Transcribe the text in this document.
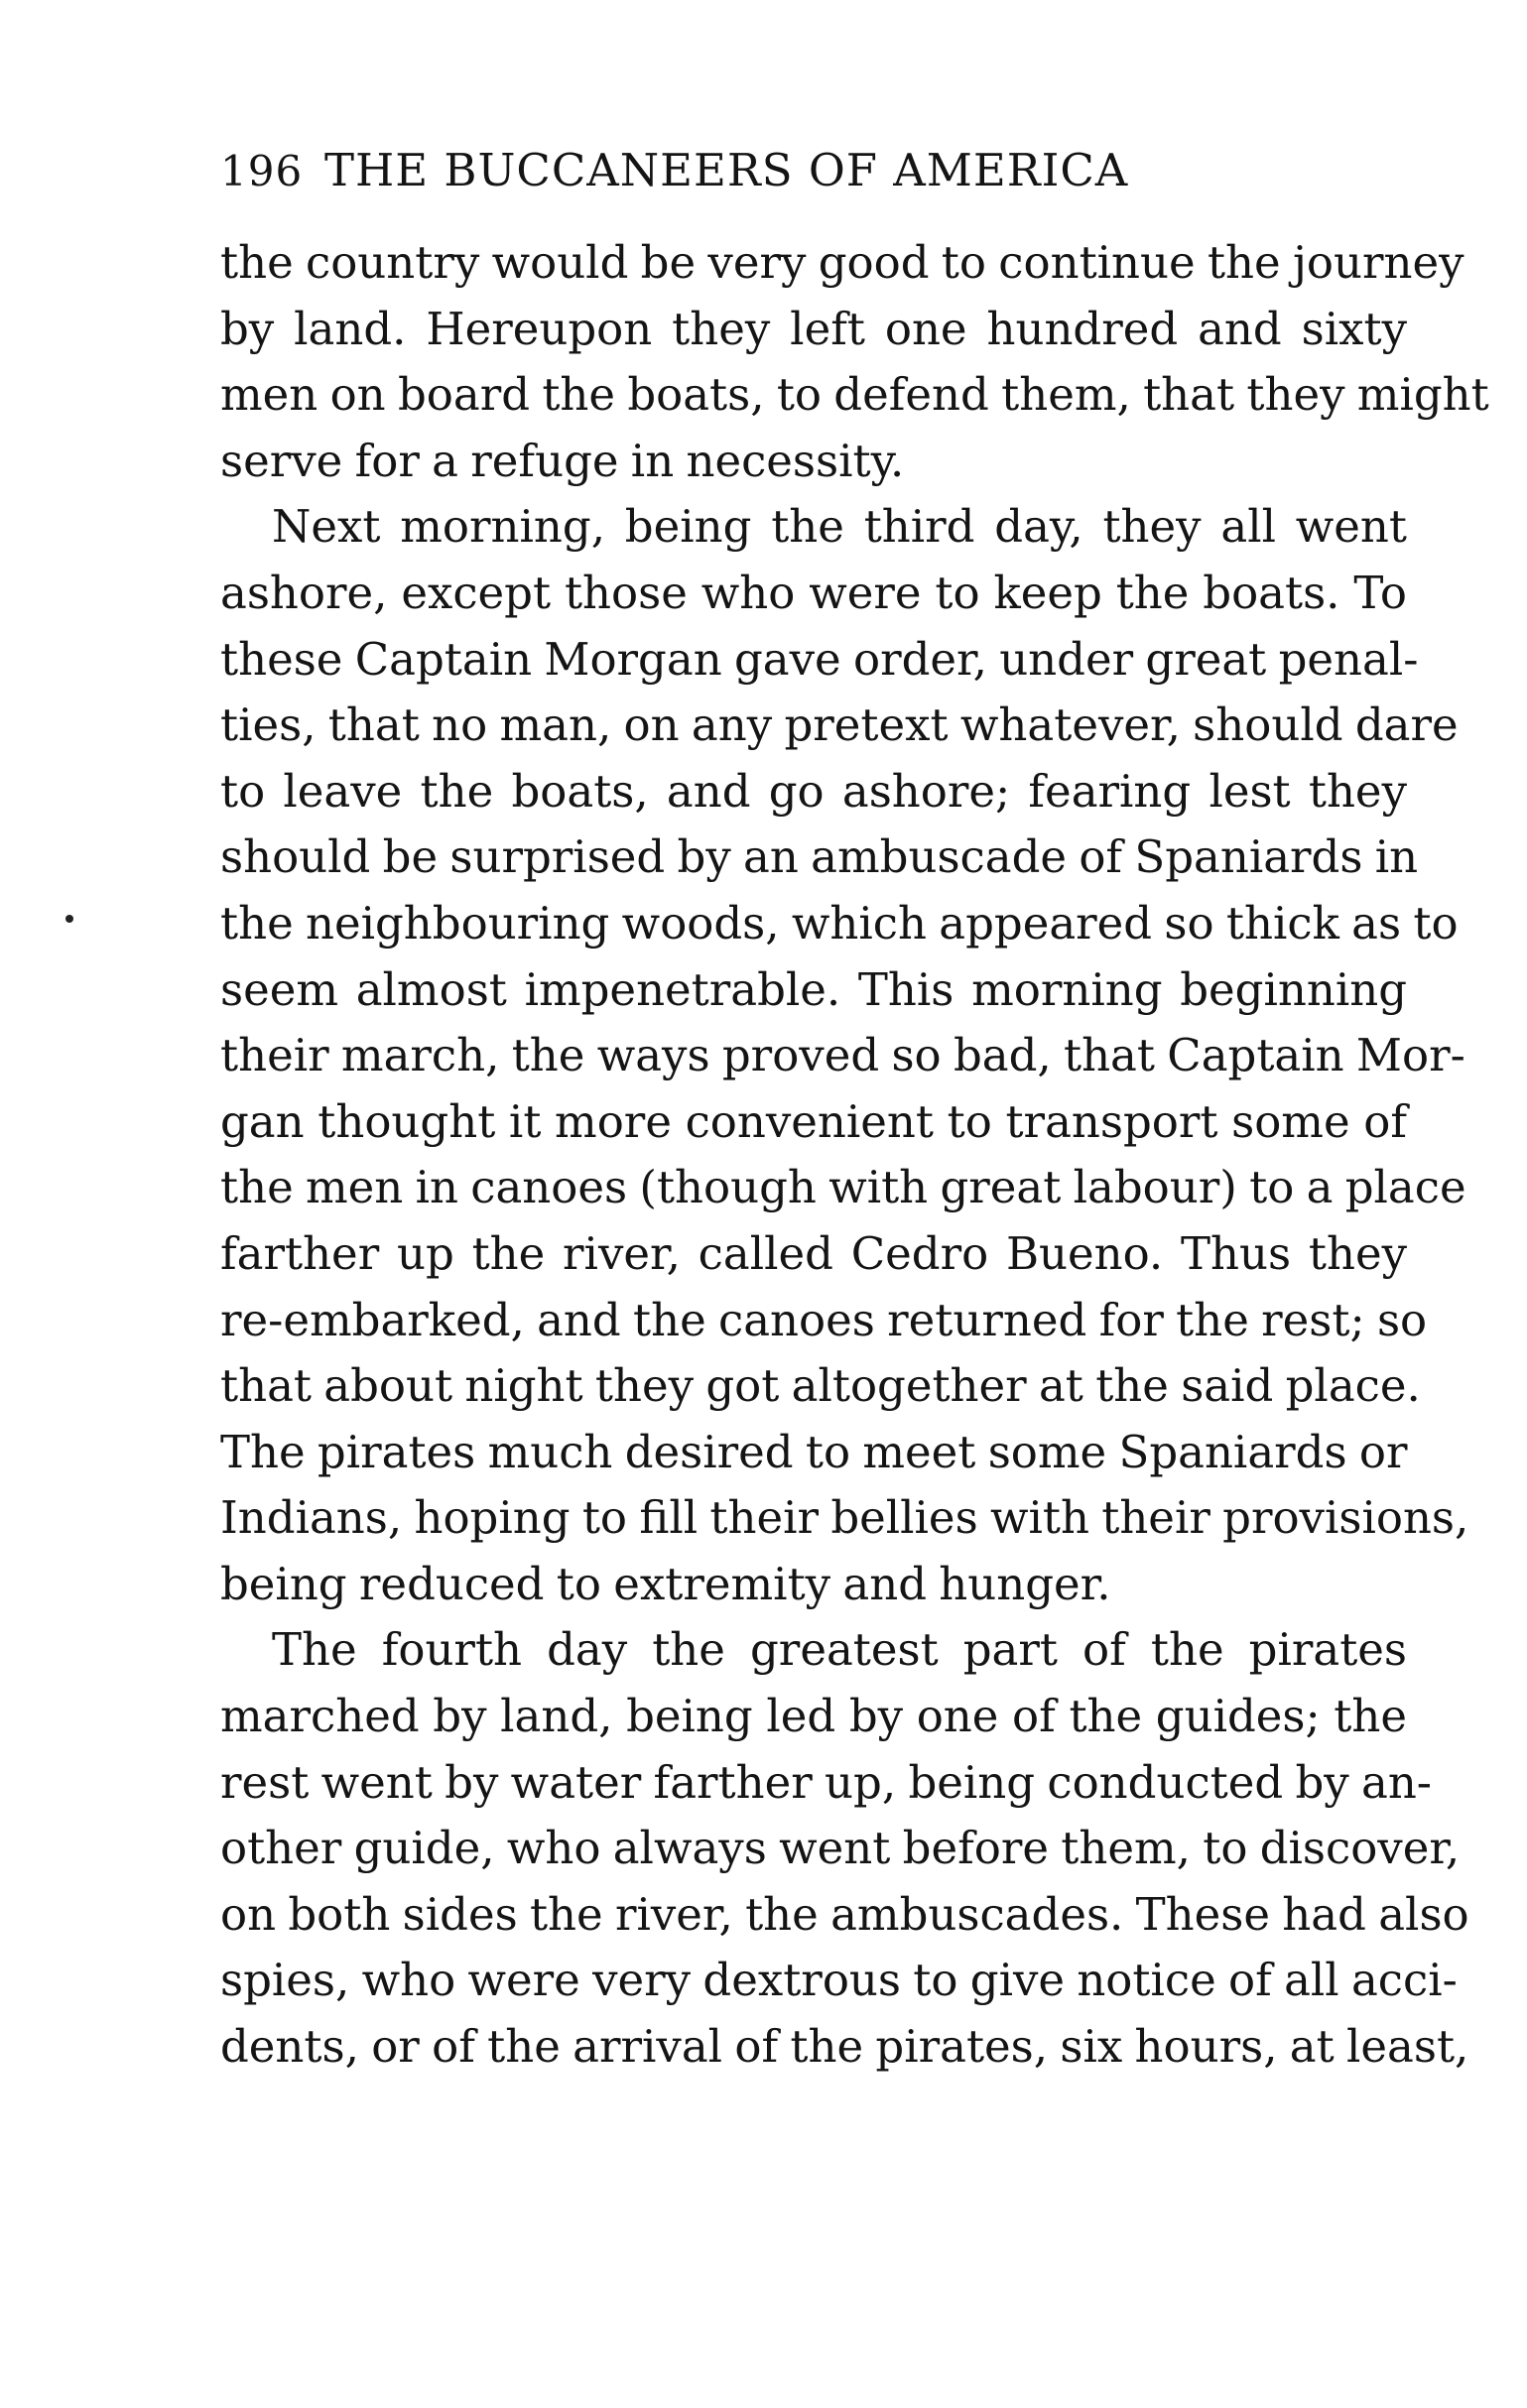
196 THE BUCCANEERS OF AMERICA
the country would be very good to continue the journey
by land. Hereupon they left one hundred and sixty
men on board the boats, to defend them, that they might
serve for a refuge in necessity.
Next morning, being the third day, they all went
ashore, except those who were to keep the boats. To
these Captain Morgan gave order, under great penal-
ties, that no man, on any pretext whatever, should dare
to leave the boats, and go ashore; fearing lest they
should be surprised by an ambuscade of Spaniards in
the neighbouring woods, which appeared so thick as to
seem almost impenetrable. This morning beginning
their march, the ways proved so bad, that Captain Mor-
gan thought it more convenient to transport some of
the men in canoes (though with great labour) to a place
farther up the river, called Cedro Bueno. Thus they
re-embarked, and the canoes returned for the rest; so
that about night they got altogether at the said place.
The pirates much desired to meet some Spaniards or
Indians, hoping to fill their bellies with their provisions,
being reduced to extremity and hunger.
The fourth day the greatest part of the pirates
marched by land, being led by one of the guides; the
rest went by water farther up, being conducted by an-
other guide, who always went before them, to discover,
on both sides the river, the ambuscades. These had also
spies, who were very dextrous to give notice of all acci-
dents, or of the arrival of the pirates, six hours, at least,
